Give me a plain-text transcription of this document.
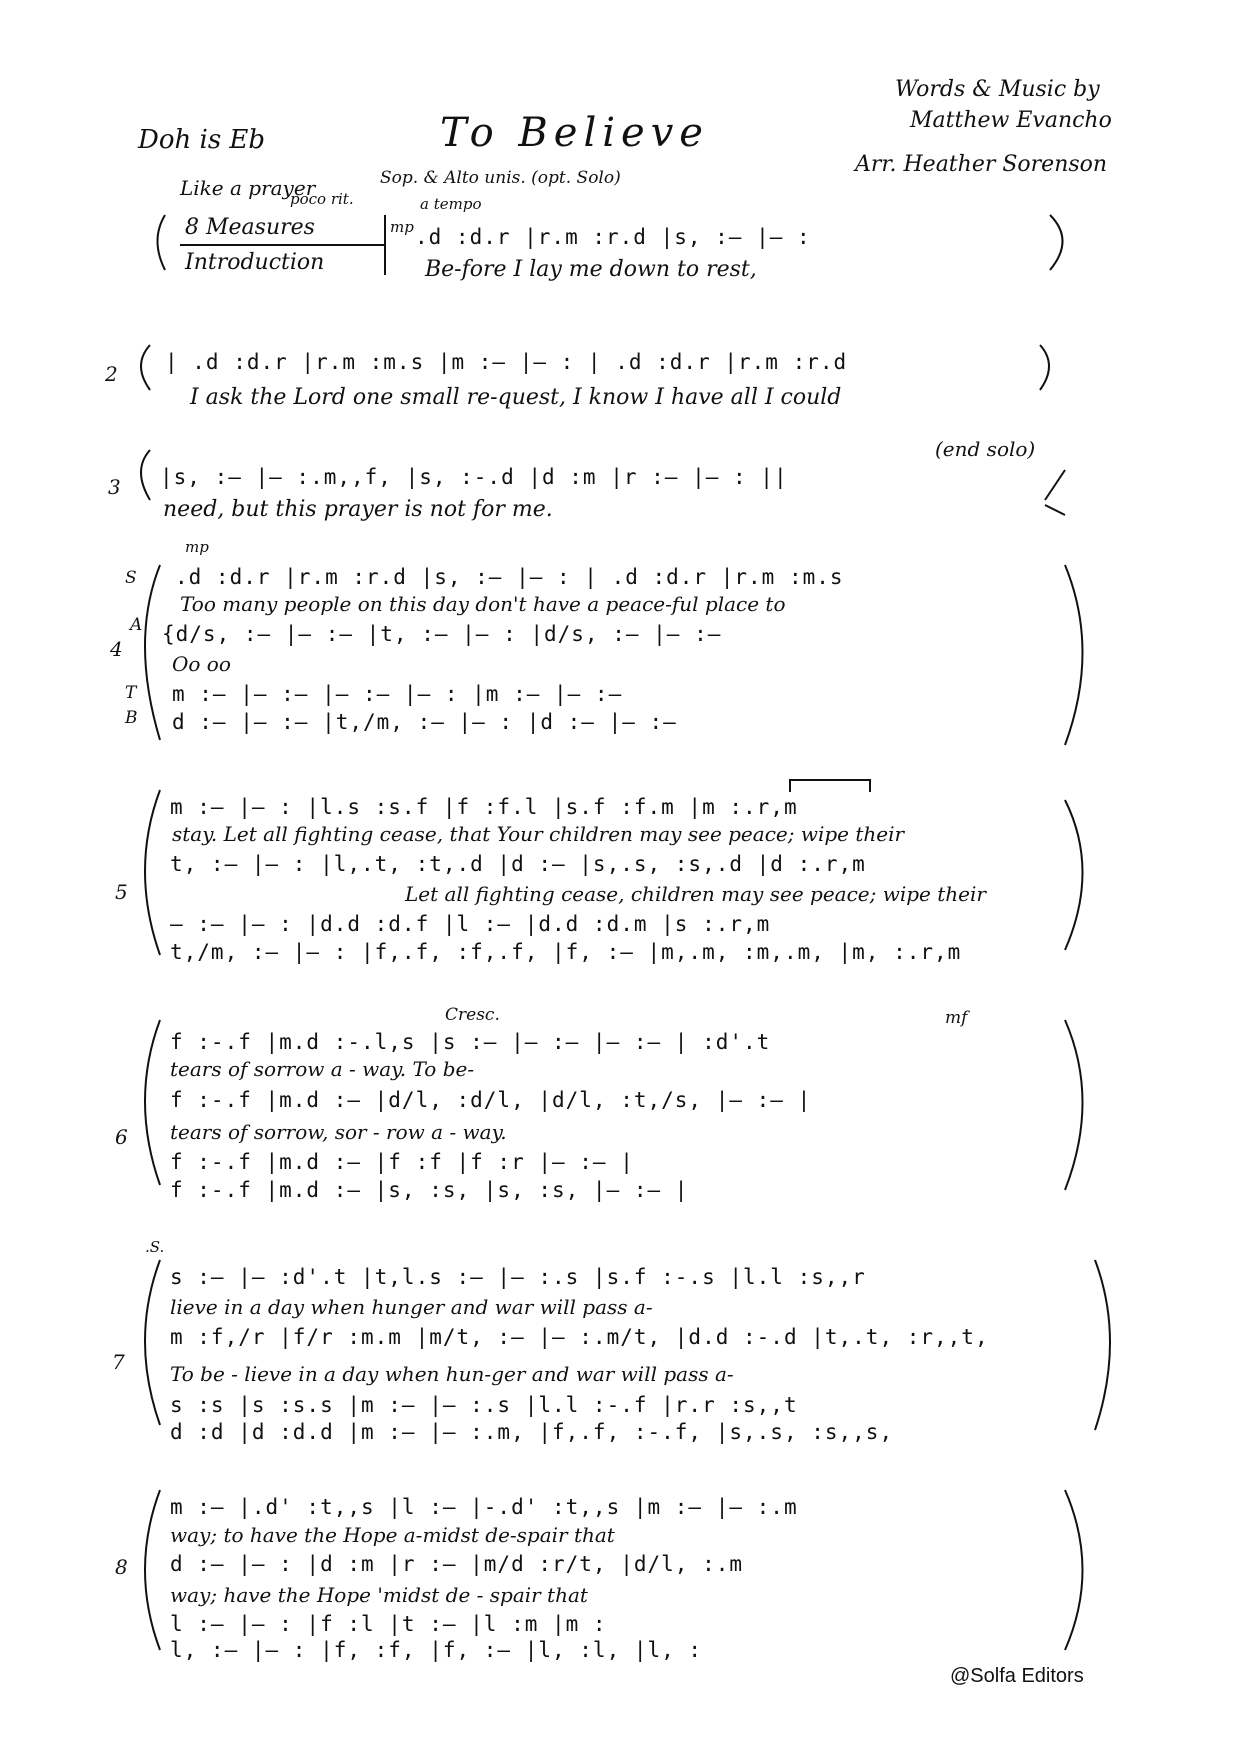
Doh is Eb	To Believe
Words & Music by
Matthew Evancho
Arr. Heather Sorenson
Like a prayer
poco rit.
Sop. & Alto unis. (opt. Solo)
a tempo
8 Measures
Introduction
mp .d :d.r |r.m :r.d |s, :— |— :
Be-fore I lay me down to rest,
2 | .d :d.r |r.m :m.s |m :— |— : | .d :d.r |r.m :r.d
I ask the Lord one small re-quest, I know I have all I could
3
(end solo)
|s, :— |— :.m,,f, |s, :-.d |d :m |r :— |— : ||
need, but this prayer is not for me.
mp
4
S
A
T
B
.d :d.r |r.m :r.d |s, :— |— : | .d :d.r |r.m :m.s
Too many people on this day don't have a peace-ful place to
{d/s, :— |— :— |t, :— |— : |d/s, :— |— :—
Oo oo
m :— |— :— |— :— |— : |m :— |— :—
d :— |— :— |t,/m, :— |— : |d :— |— :—
5
m :— |— : |l.s :s.f |f :f.l |s.f :f.m |m :.r,m
stay. Let all fighting cease, that Your children may see peace; wipe their
t, :— |— : |l,.t, :t,.d |d :— |s,.s, :s,.d |d :.r,m
Let all fighting cease, children may see peace; wipe their
— :— |— : |d.d :d.f |l :— |d.d :d.m |s :.r,m
t,/m, :— |— : |f,.f, :f,.f, |f, :— |m,.m, :m,.m, |m, :.r,m
Cresc.	mf
6
f :-.f |m.d :-.l,s |s :— |— :— |— :— | :d'.t
tears of sorrow a - way. To be-
f :-.f |m.d :— |d/l, :d/l, |d/l, :t,/s, |— :— |
tears of sorrow, sor - row a - way.
f :-.f |m.d :— |f :f |f :r |— :— |
f :-.f |m.d :— |s, :s, |s, :s, |— :— |
.S.
7
s :— |— :d'.t |t,l.s :— |— :.s |s.f :-.s |l.l :s,,r
lieve in a day when hunger and war will pass a-
m :f,/r |f/r :m.m |m/t, :— |— :.m/t, |d.d :-.d |t,.t, :r,,t,
To be - lieve in a day when hun-ger and war will pass a-
s :s |s :s.s |m :— |— :.s |l.l :-.f |r.r :s,,t
d :d |d :d.d |m :— |— :.m, |f,.f, :-.f, |s,.s, :s,,s,
8
m :— |.d' :t,,s |l :— |-.d' :t,,s |m :— |— :.m
way; to have the Hope a-midst de-spair that
d :— |— : |d :m |r :— |m/d :r/t, |d/l, :.m
way; have the Hope 'midst de - spair that
l :— |— : |f :l |t :— |l :m |m :
l, :— |— : |f, :f, |f, :— |l, :l, |l, :
@Solfa Editors
